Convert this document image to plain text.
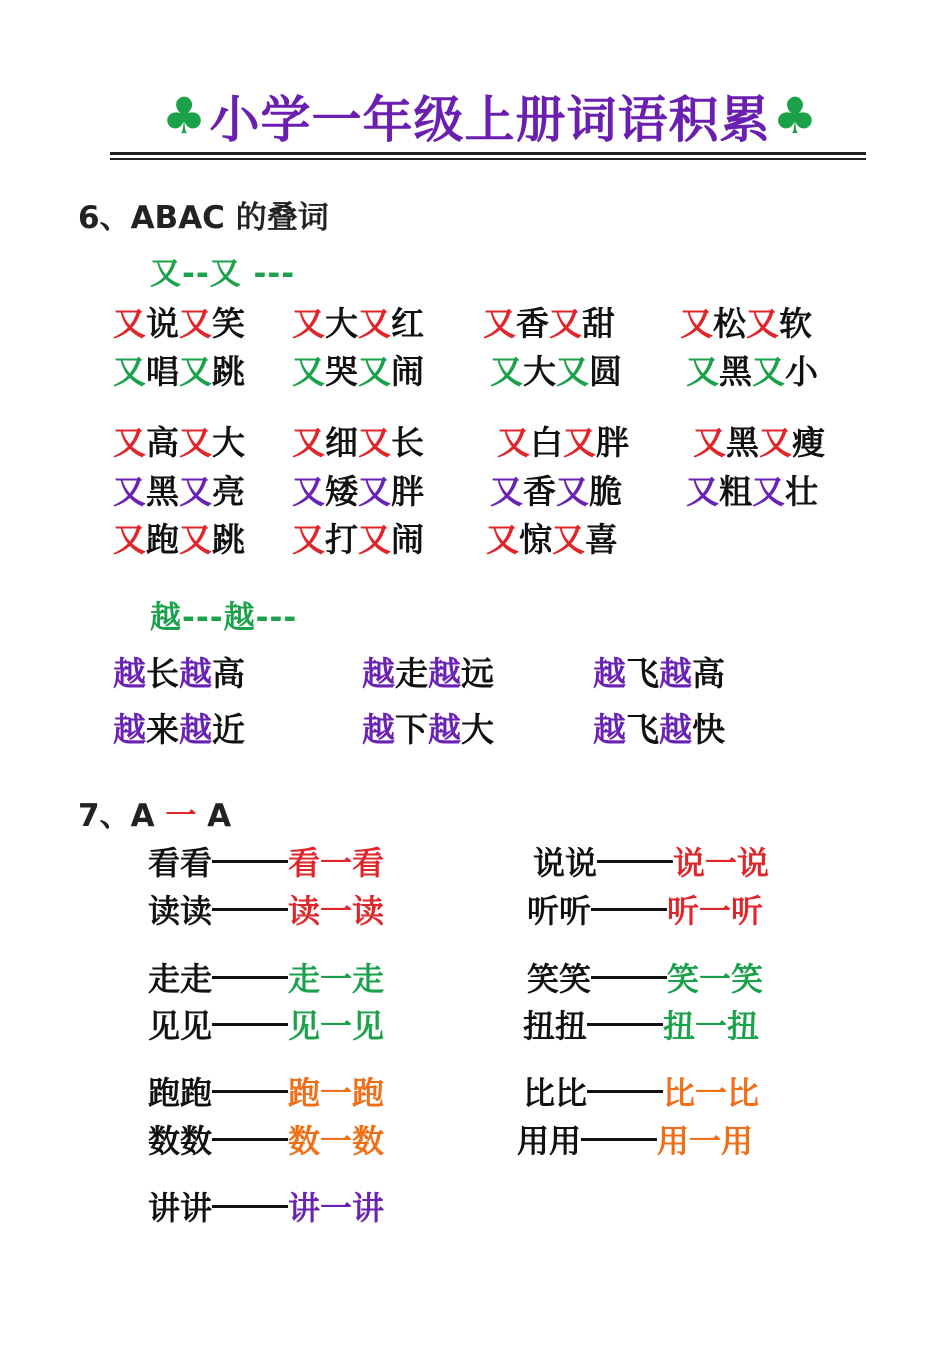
♣ 小学一年级上册词语积累 ♣
6、ABAC 的叠词
又--又 ---
又说又笑 又大又红 又香又甜 又松又软
又唱又跳 又哭又闹 又大又圆 又黑又小
又高又大 又细又长 又白又胖 又黑又瘦
又黑又亮 又矮又胖 又香又脆 又粗又壮
又跑又跳 又打又闹 又惊又喜
越---越---
越长越高	越走越远	越飞越高
越来越近	越下越大	越飞越快
7、A 一 A
看看 看一看	说说 说一说
读读 读一读	听听 听一听
走走 走一走	笑笑 笑一笑
见见 见一见	扭扭 扭一扭
跑跑 跑一跑	比比 比一比
数数 数一数	用用 用一用
讲讲 讲一讲
